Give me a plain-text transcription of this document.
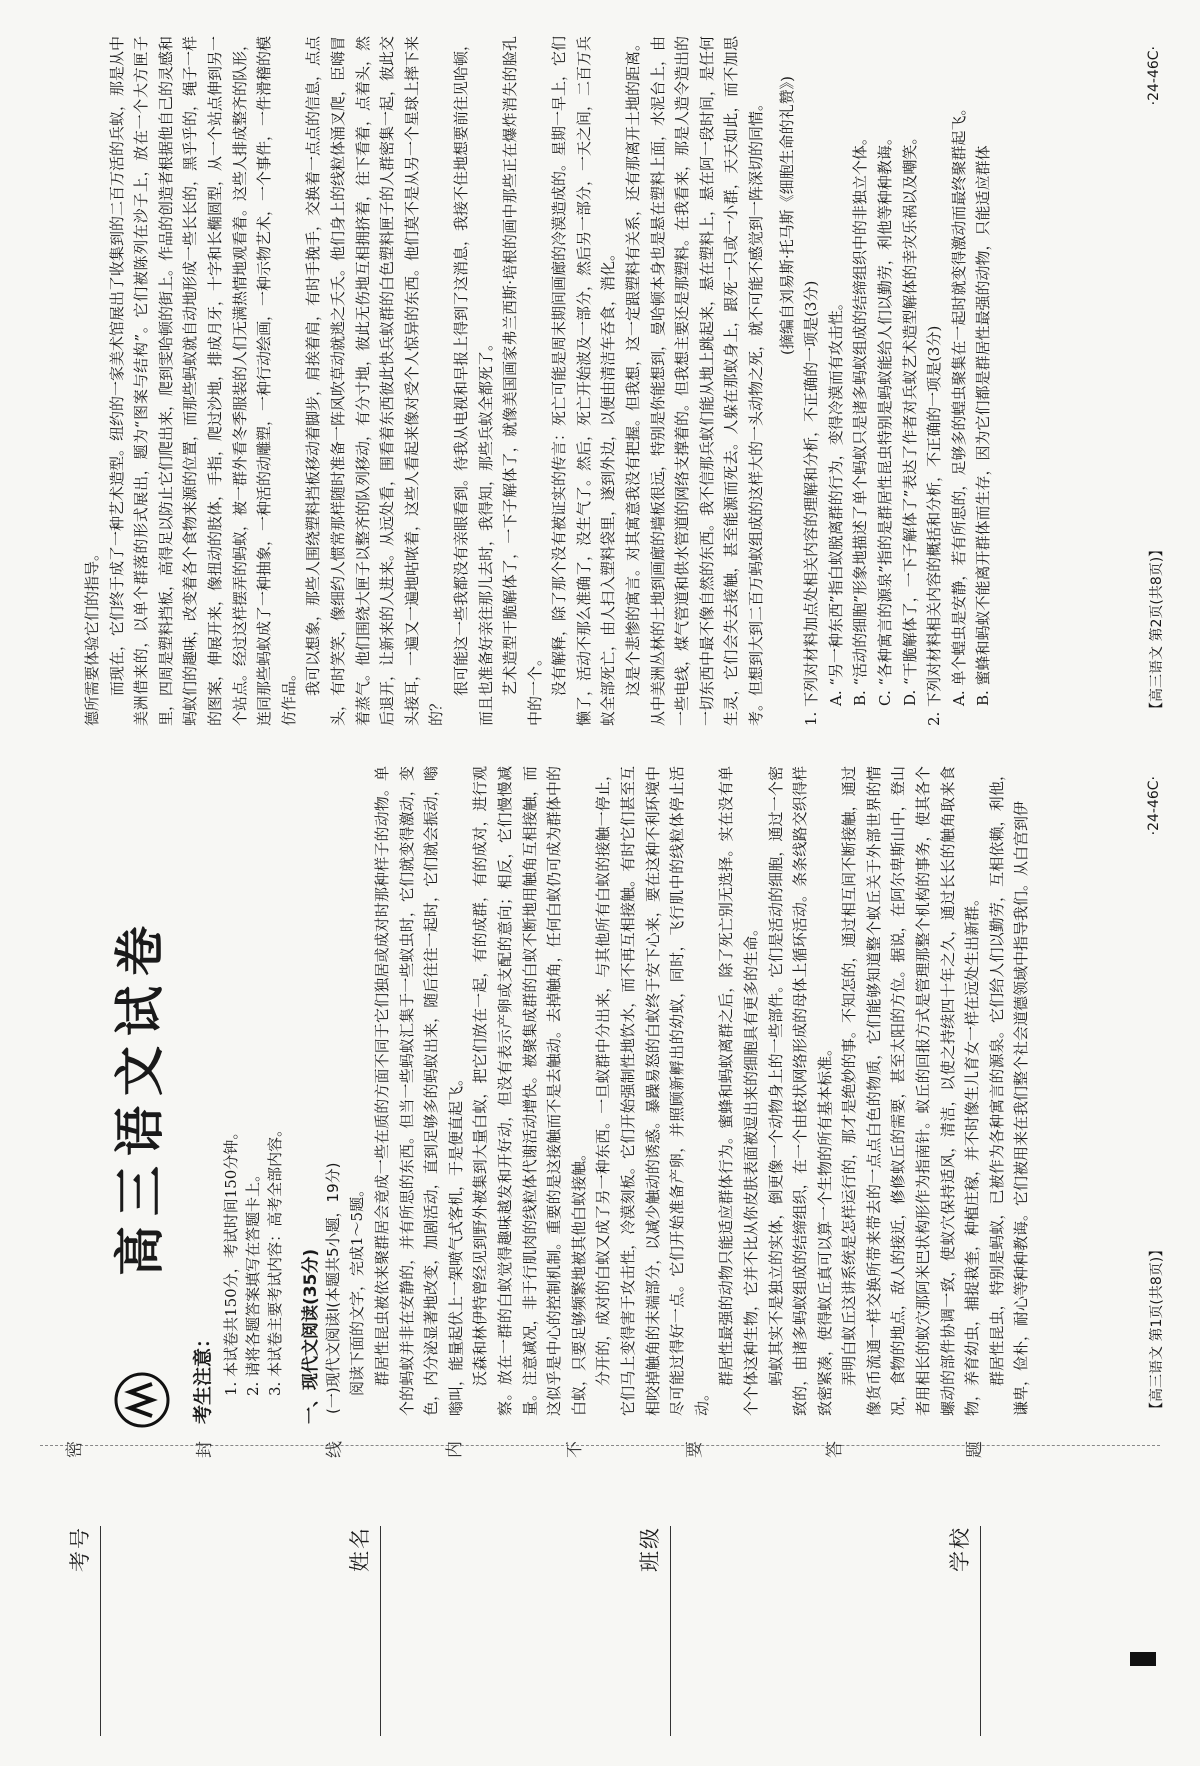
考号	姓名	班级	学校
密	封	线	内	不	要	答	题
高三语文试卷
考生注意： 1. 本试卷共150分，考试时间150分钟。 2. 请将各题答案填写在答题卡上。 3. 本试卷主要考试内容：高考全部内容。 一、现代文阅读(35分) (一)现代文阅读Ⅰ(本题共5小题，19分) 阅读下面的文字，完成1～5题。 群居性昆虫被依来聚群居会竟成一些在质的方面不同于它们独居或成对时那种样子的动物。单个的蚂蚁并非在安静的，并有所思的东西。但当一些蚂蚁汇集于一些蚁虫时，它们就变得激动，变色，内分泌显著地改变，加剧活动，直到足够多的蚂蚁出来，随后往往一起时，它们就会振动，嗡嗡叫，能量起伏上一架喷气式客机，于是便直起飞。 沃森和林伊特曾经见到野外被集到大量白蚁，把它们放在一起，有的成群，有的成对，进行观察。放在一群的白蚁觉得趣味越发和开好动，但没有表示产卵或支配的意向；相反，它们慢慢减量。注意减况，非于行肌肉的线粒体代谢活动增快。被聚集成群的白蚁不断地用触角互相接触，而这似乎是中心的控制机制。重要的是这接触而不是去触动。去掉触角，任何白蚁仍可成为群体中的白蚁，只要足够频繁地被其他白蚁接触。 分开的，成对的白蚁又成了另一种东西。一旦蚁群中分出来，与其他所有白蚁的接触一停止，它们马上变得害于攻击性，冷漠刻板。它们开始强制性地饮水，而不再互相接触。有时它们甚至互相咬掉触角的末端部分，以减少触动的诱惑。暴躁易怒的白蚁终于安下心来，要在这种不利环境中尽可能过得好一点。它们开始准备产卵，并照顾新孵出的幼蚁，同时，飞行肌中的线粒体停止活动。

群居性最强的动物只能适应群体行为。蜜蜂和蚂蚁离群之后，除了死亡别无选择。实在没有单个个体这种生物，它并不比从你皮肤表面被逗出来的细胞具有更多的生命。 蚂蚁其实不是独立的实体，倒更像一个动物身上的一些部件。它们是活动的细胞，通过一个密致的，由诸多蚂蚁组成的结缔组织，在一个由枝状网络形成的母体上循环活动。条条线路交织得样致密紧凑，使得蚁丘真可以算一个生物的所有基本标准。 弄明白蚁丘这讲系统是怎样运行的，那才是绝妙的事。不知怎的，通过相互间不断接触，通过像货币流通一样交换所带来带去的一点点白色的物质，它们能够知道整个蚁丘关于外部世界的情况，食物的地点，敌人的接近，修修蚁丘的需要，甚至太阳的方位。据说，在阿尔卑斯山中，登山者用相长的蚁穴那阿米巴状构形作为指南针。蚁丘的回报方式是管理那整个机构的事务，使其各个螺动的部件协调一致，使蚁穴保持适风，清洁，以使之持续四十年之久，通过长长的触角取来食物，养育幼虫，捕捉栽奎，种植庄稼，并不时像生儿育女一样在远处生出新群。 群居性昆虫，特别是蚂蚁，已被作为各种寓言的源泉。它们给人们以勤劳，互相依赖，利他，谦卑，俭朴，耐心等种种教诲。它们被用来在我们整个社会道德领域中指导我们。从白宫到伊	【高三语文 第1页(共8页)】
·24-46C·

德所需要体验它们的指导。 而现在，它们终于成了一种艺术造型。纽约的一家美术馆展出了收集到的二百万活的兵蚁，那是从中美洲借来的，以单个群落的形式展出，题为“图案与结构”。它们被陈列在沙子上，放在一个大方匣子里，四周是塑料挡板，高得足以防止它们爬出来，爬到雯哈顿的街上。作品的创造者根据他自己的灵感和蚂蚁们的趣味，改变着各个食物来源的位置，而那些蚂蚁就自动地形成一些长长的，黑乎乎的，绳子一样的图案，伸展开来，像扭动的肢体，手指，爬过沙地，排成月牙，十字和长椭圆型，从一个站点伸到另一个站点。经过这样摆弄的蚂蚁，被一群外看冬季服装的人们无满热情地观看着。这些人排成整齐的队形，连同那些蚂蚁成了一种抽象，一种活的动雕塑，一种行动绘画，一种示物艺术，一个事件，一件滑稽的模仿作品。 我可以想象，那些人围绕塑料挡板移动着脚步，肩挨着肩，有时手挽手，交换着一点点的信息，点点头，有时笑笑，像细约人惯常那样随时准备一阵风吹草动就逃之夭夭。他们身上的线粒体涌叉爬，臣嗨冒着蒸气。他们围绕大匣子以整齐的队列移动，有分寸地，彼此无伤地互相拥挤着，往下看着，点着头，然后退开，让新来的人进来。从远处看，围看着东西彼此快兵蚁群的白色塑料匣子的人群密集一起，彼此交头接耳，一遍又一遍地咕哝着，这些人看起来像对受个人惊异的东西。他们莫不是从另一个星球上摔下来的？

很可能这一些我都没有亲眼看到。待我从电视和早报上得到了这消息，我接不住地想要前往见哈顿，而且也准备好亲往那儿去时，我得知，那些兵蚁全都死了。 艺术造型干脆解体了，一下子解体了，就像美国画家弗兰西斯·培根的画中那些正在爆炸消失的脸孔中的一个。 没有解释，除了那个没有被证实的传言：死亡可能是周末期间画廊的冷漠造成的。星期一早上，它们懒了，活动不那么准确了，没生气了。然后，死亡开始波及一部分，然后另一部分，一天之间，二百万兵蚁全部死亡，由人扫入塑料袋里，遂到外边，以便由清洁车吞食，消化。 这是个悲惨的寓言。对其寓意我没有把握。但我想，这一定跟塑料有关系，还有那离开土地的距离。从中美洲丛林的土地到画廊的墙板很远，特别是你能想到，曼哈顿本身也是悬在塑料上面，水泥台上，由一些电线，煤气管道和供水管道的网络支撑着的。但我想主要还是那塑料。在我看来，那是人造令造出的一切东西中最不像自然的东西。我不信那兵蚁们能从地上跳起来，悬在塑料上，悬在阿一段时间，是任何生灵，它们会失去接触，甚至能源而死去。人躲在那蚁身上，跟死一只或一小群，天天如此，而不加思考。但想到大到二百万蚂蚁组成的这样大的一头动物之死，就不可能不感觉到一阵深切的同情。 (摘编自刘易斯·托马斯《细胞生命的礼赞》)
1. 下列对材料加点处相关内容的理解和分析，不正确的一项是(3分) A. “另一种东西”指白蚁脱离群的行为，变得冷漠而有攻击性。 B. “活动的细胞”形象地描述了单个蚂蚁只是诸多蚂蚁组成的结缔组织中的非独立个体。 C. “各种寓言的源泉”指的是群居性昆虫特别是蚂蚁能给人们以勤劳，利他等种种教诲。 D. “干脆解体了，一下子解体了”表达了作者对兵蚁艺术造型解体的幸灾乐祸以及嘲笑。 2. 下列对材料相关内容的概括和分析，不正确的一项是(3分) A. 单个蝗虫是安静，若有所思的，足够多的蝗虫聚集在一起时就变得激动而最终聚群起飞。 B. 蜜蜂和蚂蚁不能离开群体而生存，因为它们都是群居性最强的动物，只能适应群体	【高三语文 第2页(共8页)】
·24-46C·
